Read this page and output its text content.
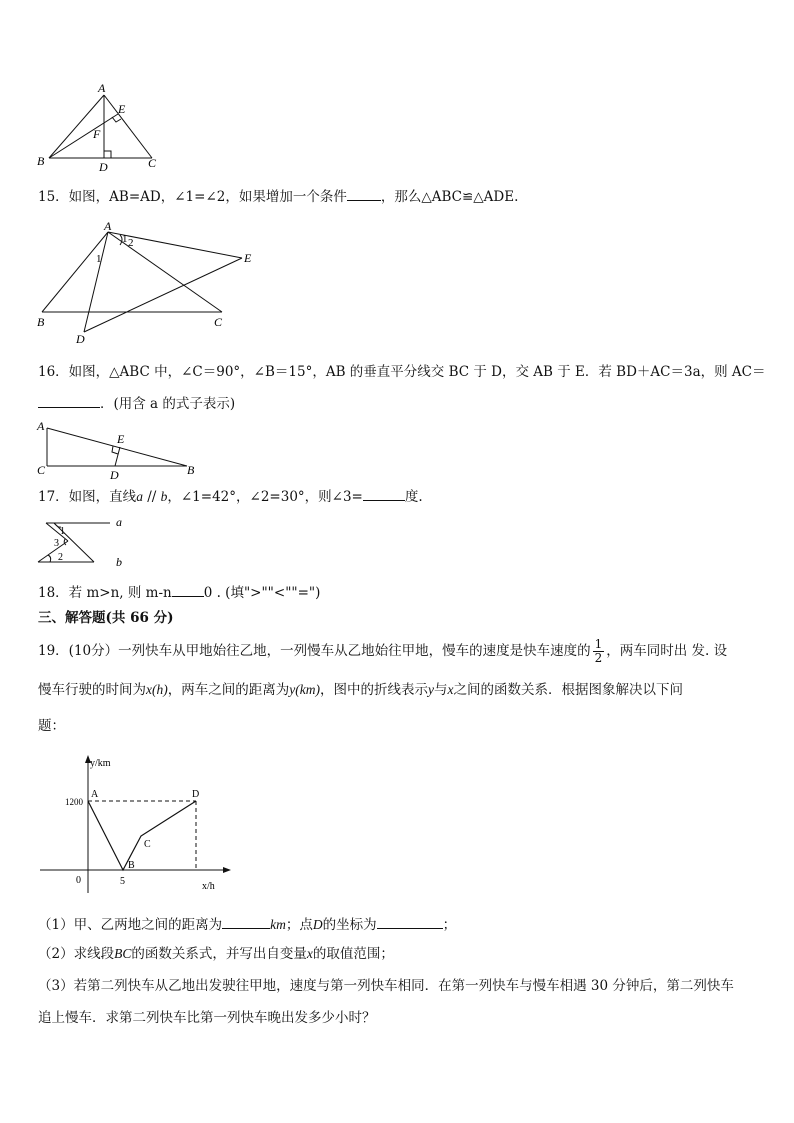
A
E
F
B	D	C
15．如图，AB=AD，∠1=∠2，如果增加一个条件	，那么△ABC≌△ADE.
A
1 2
1	E
B	C
D
16．如图，△ABC 中，∠C＝90°，∠B＝15°，AB 的垂直平分线交 BC 于 D，交 AB 于 E．若 BD＋AC＝3a，则 AC＝
．(用含 a 的式子表示)
A
E
C	D	B
17．如图，直线a // b，∠1=42°，∠2=30°，则∠3=	度.
a
b
1
3
2
18．若 m>n, 则 m-n 0 . (填">""<""=")
三、解答题(共 66 分)
19．(10分）一列快车从甲地始往乙地，一列慢车从乙地始往甲地，慢车的速度是快车速度的 $\frac{1}{2}$ ，两车同时出 发. 设
慢车行驶的时间为x(h)，两车之间的距离为y(km)，图中的折线表示y与x之间的函数关系．根据图象解决以下问
题：
y/km
x/h
1200
0	5
A
B
C
D
（1）甲、乙两地之间的距离为	km；点D的坐标为	；
（2）求线段BC的函数关系式，并写出自变量x的取值范围；
（3）若第二列快车从乙地出发驶往甲地，速度与第一列快车相同．在第一列快车与慢车相遇 30 分钟后，第二列快车
追上慢车．求第二列快车比第一列快车晚出发多少小时？
